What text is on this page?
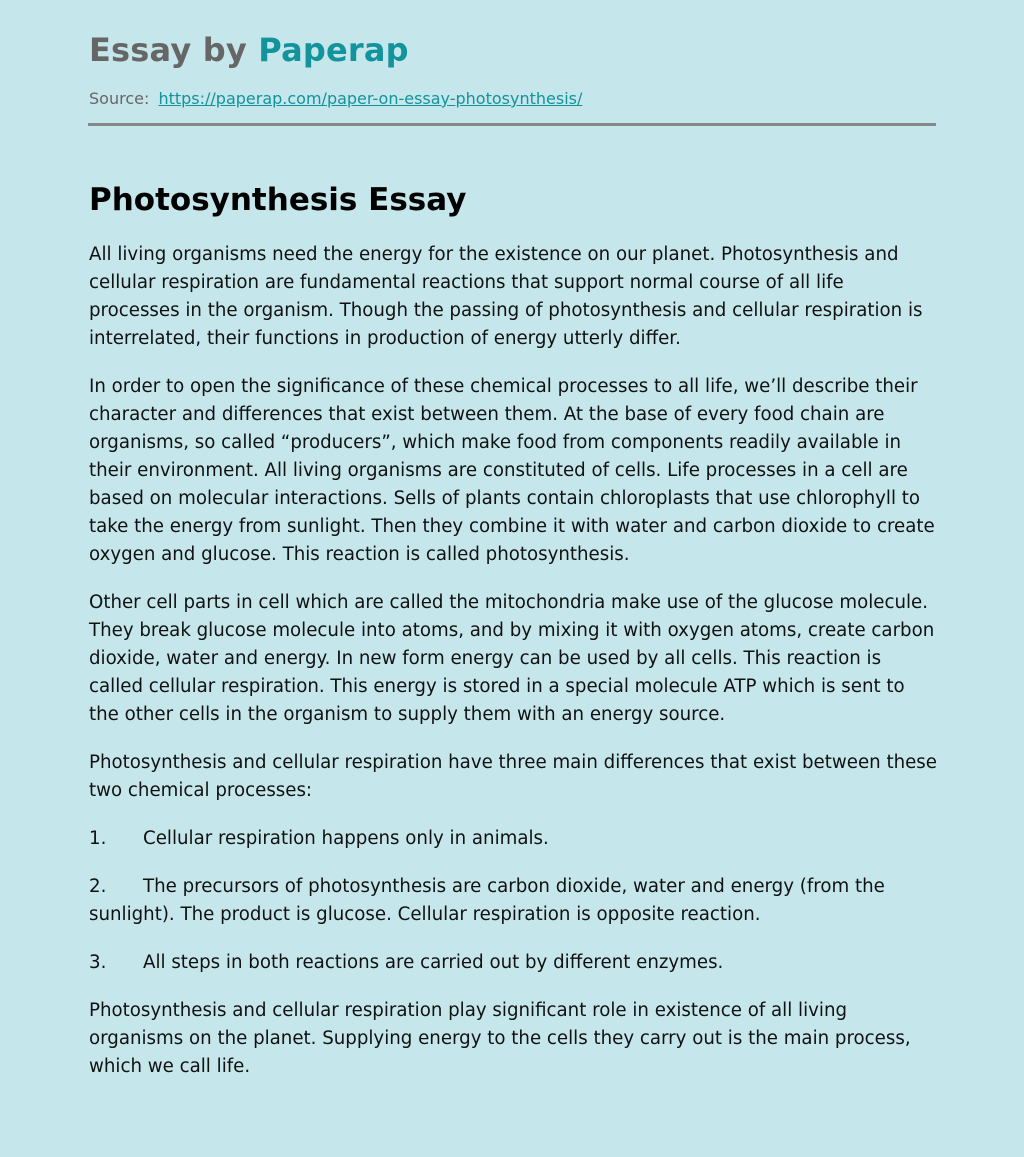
Essay by Paperap
Source: https://paperap.com/paper-on-essay-photosynthesis/
Photosynthesis Essay

All living organisms need the energy for the existence on our planet. Photosynthesis and cellular respiration are fundamental reactions that support normal course of all life processes in the organism. Though the passing of photosynthesis and cellular respiration is interrelated, their functions in production of energy utterly differ.

In order to open the significance of these chemical processes to all life, we’ll describe their character and differences that exist between them. At the base of every food chain are organisms, so called “producers”, which make food from components readily available in their environment. All living organisms are constituted of cells. Life processes in a cell are based on molecular interactions. Sells of plants contain chloroplasts that use chlorophyll to take the energy from sunlight. Then they combine it with water and carbon dioxide to create oxygen and glucose. This reaction is called photosynthesis.

Other cell parts in cell which are called the mitochondria make use of the glucose molecule. They break glucose molecule into atoms, and by mixing it with oxygen atoms, create carbon dioxide, water and energy. In new form energy can be used by all cells. This reaction is called cellular respiration. This energy is stored in a special molecule ATP which is sent to the other cells in the organism to supply them with an energy source.

Photosynthesis and cellular respiration have three main differences that exist between these two chemical processes:

1. Cellular respiration happens only in animals.

2. The precursors of photosynthesis are carbon dioxide, water and energy (from the sunlight). The product is glucose. Cellular respiration is opposite reaction.

3. All steps in both reactions are carried out by different enzymes.

Photosynthesis and cellular respiration play significant role in existence of all living organisms on the planet. Supplying energy to the cells they carry out is the main process, which we call life.
